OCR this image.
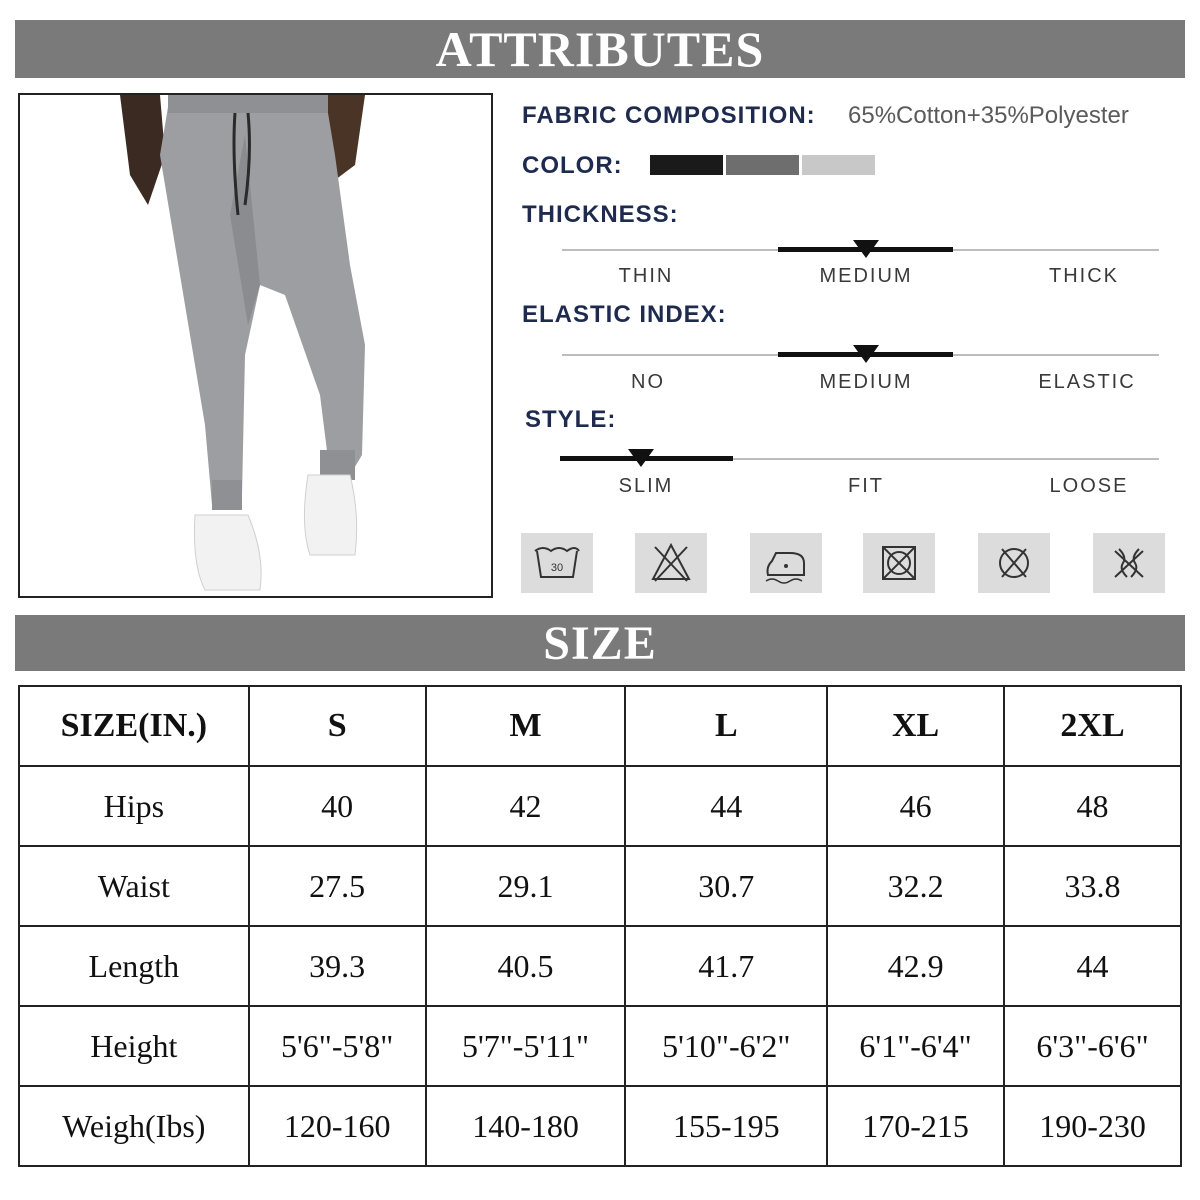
ATTRIBUTES
FABRIC COMPOSITION: 65%Cotton+35%Polyester
COLOR:
THICKNESS:
THIN	MEDIUM	THICK
ELASTIC INDEX:
NO	MEDIUM	ELASTIC
STYLE:
SLIM	FIT	LOOSE
30
SIZE
SIZE(IN.)	S	M	L	XL	2XL
Hips	40	42	44	46	48
Waist	27.5	29.1	30.7	32.2	33.8
Length	39.3	40.5	41.7	42.9	44
Height	5'6"-5'8"	5'7"-5'11"	5'10"-6'2"	6'1"-6'4"	6'3"-6'6"
Weigh(Ibs)	120-160	140-180	155-195	170-215	190-230
